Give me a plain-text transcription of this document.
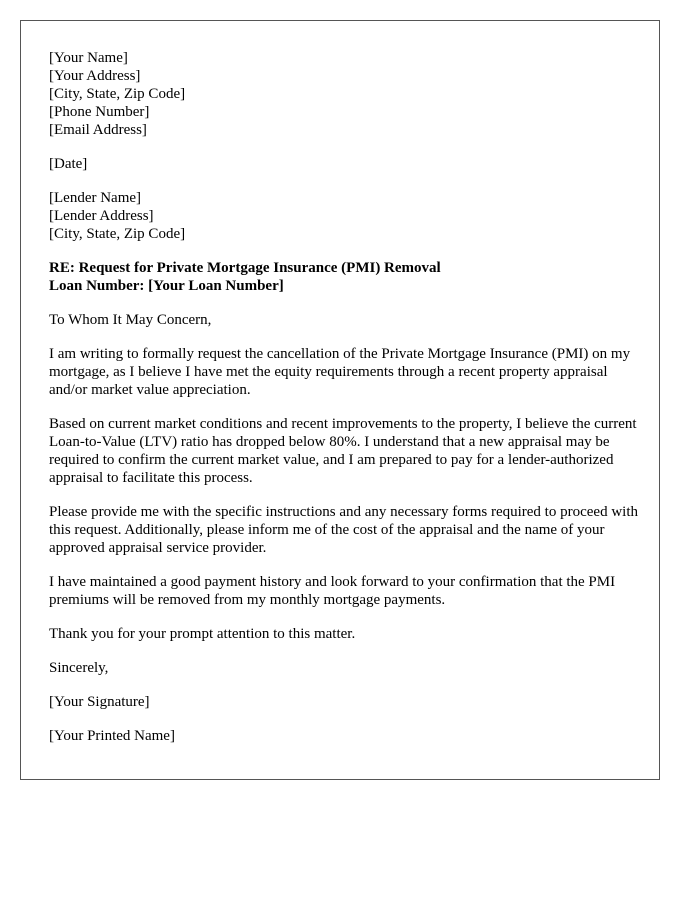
[Your Name]
[Your Address]
[City, State, Zip Code]
[Phone Number]
[Email Address]
[Date]
[Lender Name]
[Lender Address]
[City, State, Zip Code]
RE: Request for Private Mortgage Insurance (PMI) Removal
Loan Number: [Your Loan Number]

To Whom It May Concern,

I am writing to formally request the cancellation of the Private Mortgage Insurance (PMI) on my mortgage, as I believe I have met the equity requirements through a recent property appraisal and/or market value appreciation.

Based on current market conditions and recent improvements to the property, I believe the current Loan-to-Value (LTV) ratio has dropped below 80%. I understand that a new appraisal may be required to confirm the current market value, and I am prepared to pay for a lender-authorized appraisal to facilitate this process.

Please provide me with the specific instructions and any necessary forms required to proceed with this request. Additionally, please inform me of the cost of the appraisal and the name of your approved appraisal service provider.

I have maintained a good payment history and look forward to your confirmation that the PMI premiums will be removed from my monthly mortgage payments.

Thank you for your prompt attention to this matter.

Sincerely,

[Your Signature]

[Your Printed Name]
